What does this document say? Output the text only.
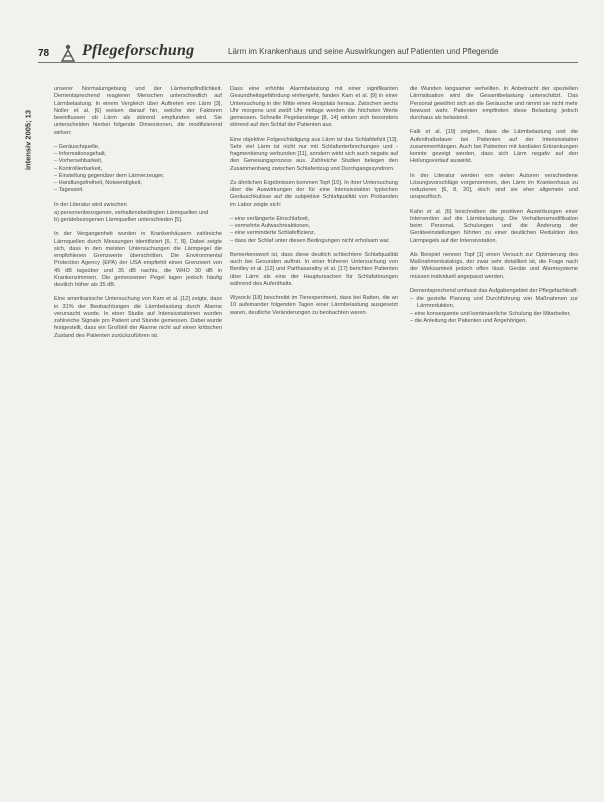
78 Pflegeforschung	Lärm im Krankenhaus und seine Auswirkungen auf Patienten und Pflegende
intensiv 2005; 13

unserer Normalumgebung und der Lärmempfindlichkeit. Dementsprechend reagieren Menschen unterschiedlich auf Lärmbelastung. In einem Vergleich über Auftreten von Lärm [3], Noller et al. [6] weisen darauf hin, welche der Faktoren beeinflussen ob Lärm als störend empfunden wird. Sie unterscheiden hierbei folgende Dimensionen, die modifizierend wirken:

– Geräuschquelle,
– Informationsgehalt,
– Vorhersehbarkeit,
– Kontrollierbarkeit,
– Einstellung gegenüber dem Lärmerzeuger,
– Handlungsfreiheit, Notwendigkeit,
– Tageszeit.

In der Literatur wird zwischen

a) personenbezogenen, verhaltensbedingten Lärmquellen und
b) gerätebezogenen Lärmquellen unterschieden [5].

In der Vergangenheit wurden in Krankenhäusern zahlreiche Lärmquellen durch Messungen identifiziert [6, 7, 8]. Dabei zeigte sich, dass in den meisten Untersuchungen die Lärmpegel die empfohlenen Grenzwerte überschritten. Die Environmental Protection Agency (EPA) der USA empfiehlt einen Grenzwert von 45 dB tagsüber und 35 dB nachts, die WHO 30 dB in Krankenzimmern. Die gemessenen Pegel lagen jedoch häufig deutlich höher als 35 dB.

Eine amerikanische Untersuchung von Kam et al. [12] zeigte, dass in 31% der Beobachtungen die Lärmbelastung durch Alarme verursacht wurde. In einer Studie auf Intensivstationen wurden zahlreiche Signale pro Patient und Stunde gemessen. Dabei wurde festgestellt, dass ein Großteil der Alarme nicht auf einen kritischen Zustand des Patienten zurückzuführen ist.

Dass eine erhöhte Alarmbelastung mit einer signifikanten Gesundheitsgefährdung einhergeht, fanden Kam et al. [9] in einer Untersuchung in der Mitte eines Hospitals heraus. Zwischen sechs Uhr morgens und zwölf Uhr mittags werden die höchsten Werte gemessen. Schnelle Pegelanstiege [8, 14] wirken sich besonders störend auf den Schlaf der Patienten aus.

Eine objektive Folgeschädigung aus Lärm ist das Schlafdefizit [13]. Sehr viel Lärm ist nicht nur mit Schlafunterbrechungen und -fragmentierung verbunden [11], sondern wirkt sich auch negativ auf den Genesungsprozess aus. Zahlreiche Studien belegen den Zusammenhang zwischen Schlafentzug und Durchgangssyndrom.

Zu ähnlichen Ergebnissen kommen Topf [10]. In ihrer Untersuchung über die Auswirkungen der für eine Intensivstation typischen Geräuschkulisse auf die subjektive Schlafqualität von Probanden im Labor zeigte sich:

– eine verlängerte Einschlafzeit,
– vermehrte Aufwachreaktionen,
– eine verminderte Schlafeffizienz,
– dass der Schlaf unter diesen Bedingungen nicht erholsam war.

Bemerkenswert ist, dass diese deutlich schlechtere Schlafqualität auch bei Gesunden auftrat. In einer früheren Untersuchung von Bentley et al. [12] und Parthasarathy et al. [17] berichten Patienten über Lärm als eine der Hauptursachen für Schlafstörungen während des Aufenthalts.

Wysocki [18] beschreibt im Tierexperiment, dass bei Ratten, die an 10 aufeinander folgenden Tagen einer Lärmbelastung ausgesetzt waren, deutliche Veränderungen zu beobachten waren.

die Wunden langsamer verheilten. In Anbetracht der speziellen Lärmsituation wird die Gesamtbelastung unterschätzt. Das Personal gewöhnt sich an die Geräusche und nimmt sie nicht mehr bewusst wahr. Patienten empfinden diese Belastung jedoch durchaus als belastend.

Falk et al. [19] zeigten, dass die Lärmbelastung und die Aufenthaltsdauer bei Patienten auf der Intensivstation zusammenhängen. Auch bei Patienten mit kardialen Erkrankungen konnte gezeigt werden, dass sich Lärm negativ auf den Heilungsverlauf auswirkt.

In der Literatur werden von vielen Autoren verschiedene Lösungsvorschläge vorgenommen, den Lärm im Krankenhaus zu reduzieren [6, 8, 20], doch sind sie eher allgemein und unspezifisch.

Kahn et al. [6] beschreiben die positiven Auswirkungen einer Intervention auf die Lärmbelastung. Die Verhaltensmodifikation beim Personal, Schulungen und die Änderung der Geräteeinstellungen führten zu einer deutlichen Reduktion des Lärmpegels auf der Intensivstation.

Als Beispiel nennen Topf [1] einen Versuch zur Optimierung des Maßnahmenkatalogs, der zwar sehr detailliert ist, die Frage nach der Wirksamkeit jedoch offen lässt. Geräte und Alarmsysteme müssen individuell angepasst werden.

Dementsprechend umfasst das Aufgabengebiet der Pflegefachkraft:

– die gezielte Planung und Durchführung von Maßnahmen zur Lärmreduktion,
– eine konsequente und kontinuierliche Schulung der Mitarbeiter,
– die Anleitung der Patienten und Angehörigen.
